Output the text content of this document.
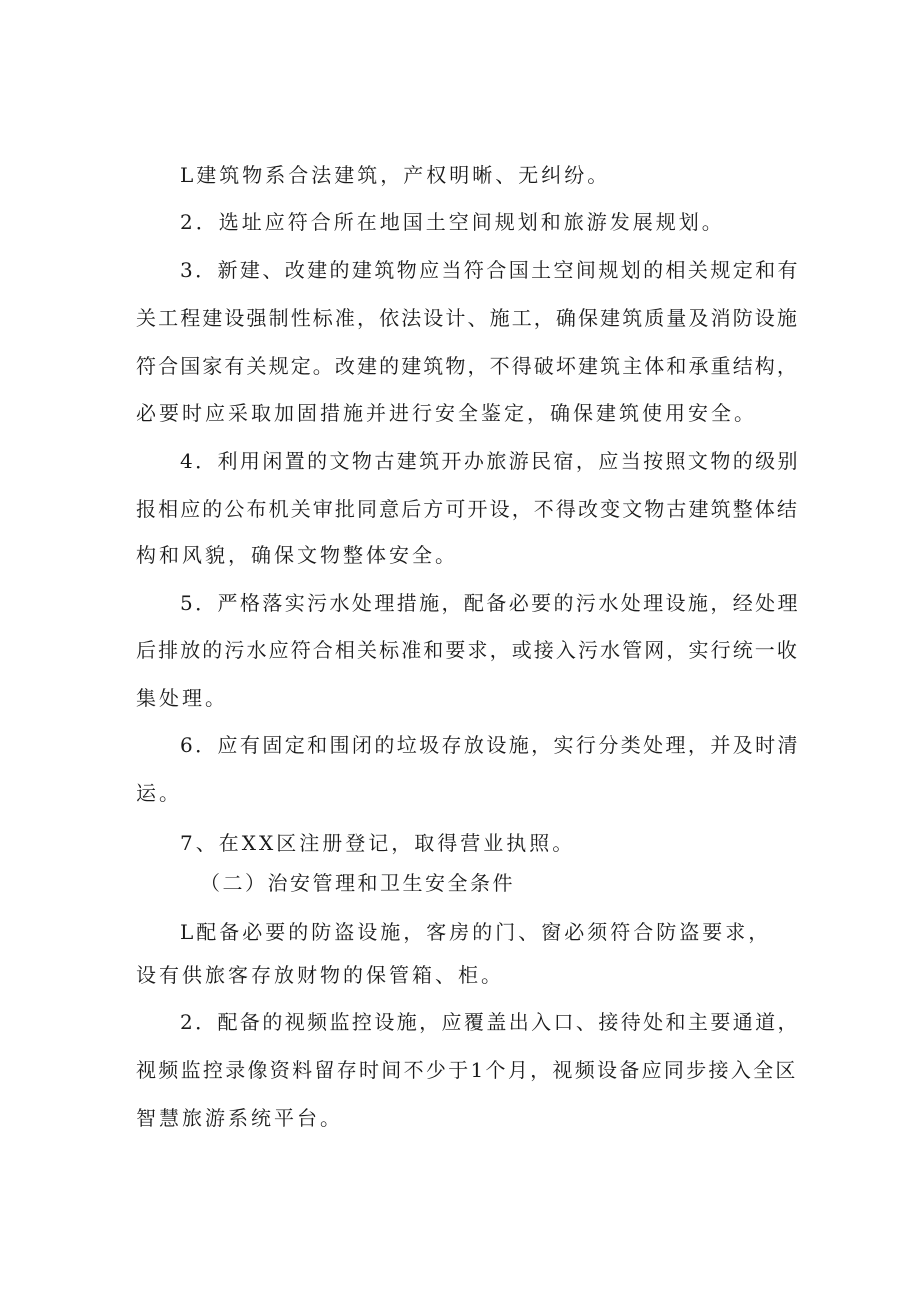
L建筑物系合法建筑，产权明晰、无纠纷。
2．选址应符合所在地国土空间规划和旅游发展规划。
3．新建、改建的建筑物应当符合国土空间规划的相关规定和有
关工程建设强制性标准，依法设计、施工，确保建筑质量及消防设施
符合国家有关规定。改建的建筑物，不得破坏建筑主体和承重结构，
必要时应采取加固措施并进行安全鉴定，确保建筑使用安全。
4．利用闲置的文物古建筑开办旅游民宿，应当按照文物的级别
报相应的公布机关审批同意后方可开设，不得改变文物古建筑整体结
构和风貌，确保文物整体安全。
5．严格落实污水处理措施，配备必要的污水处理设施，经处理
后排放的污水应符合相关标准和要求，或接入污水管网，实行统一收
集处理。
6．应有固定和围闭的垃圾存放设施，实行分类处理，并及时清
运。
7、在XX区注册登记，取得营业执照。
（二）治安管理和卫生安全条件
L配备必要的防盗设施，客房的门、窗必须符合防盗要求，
设有供旅客存放财物的保管箱、柜。
2．配备的视频监控设施，应覆盖出入口、接待处和主要通道，
视频监控录像资料留存时间不少于1个月，视频设备应同步接入全区
智慧旅游系统平台。
